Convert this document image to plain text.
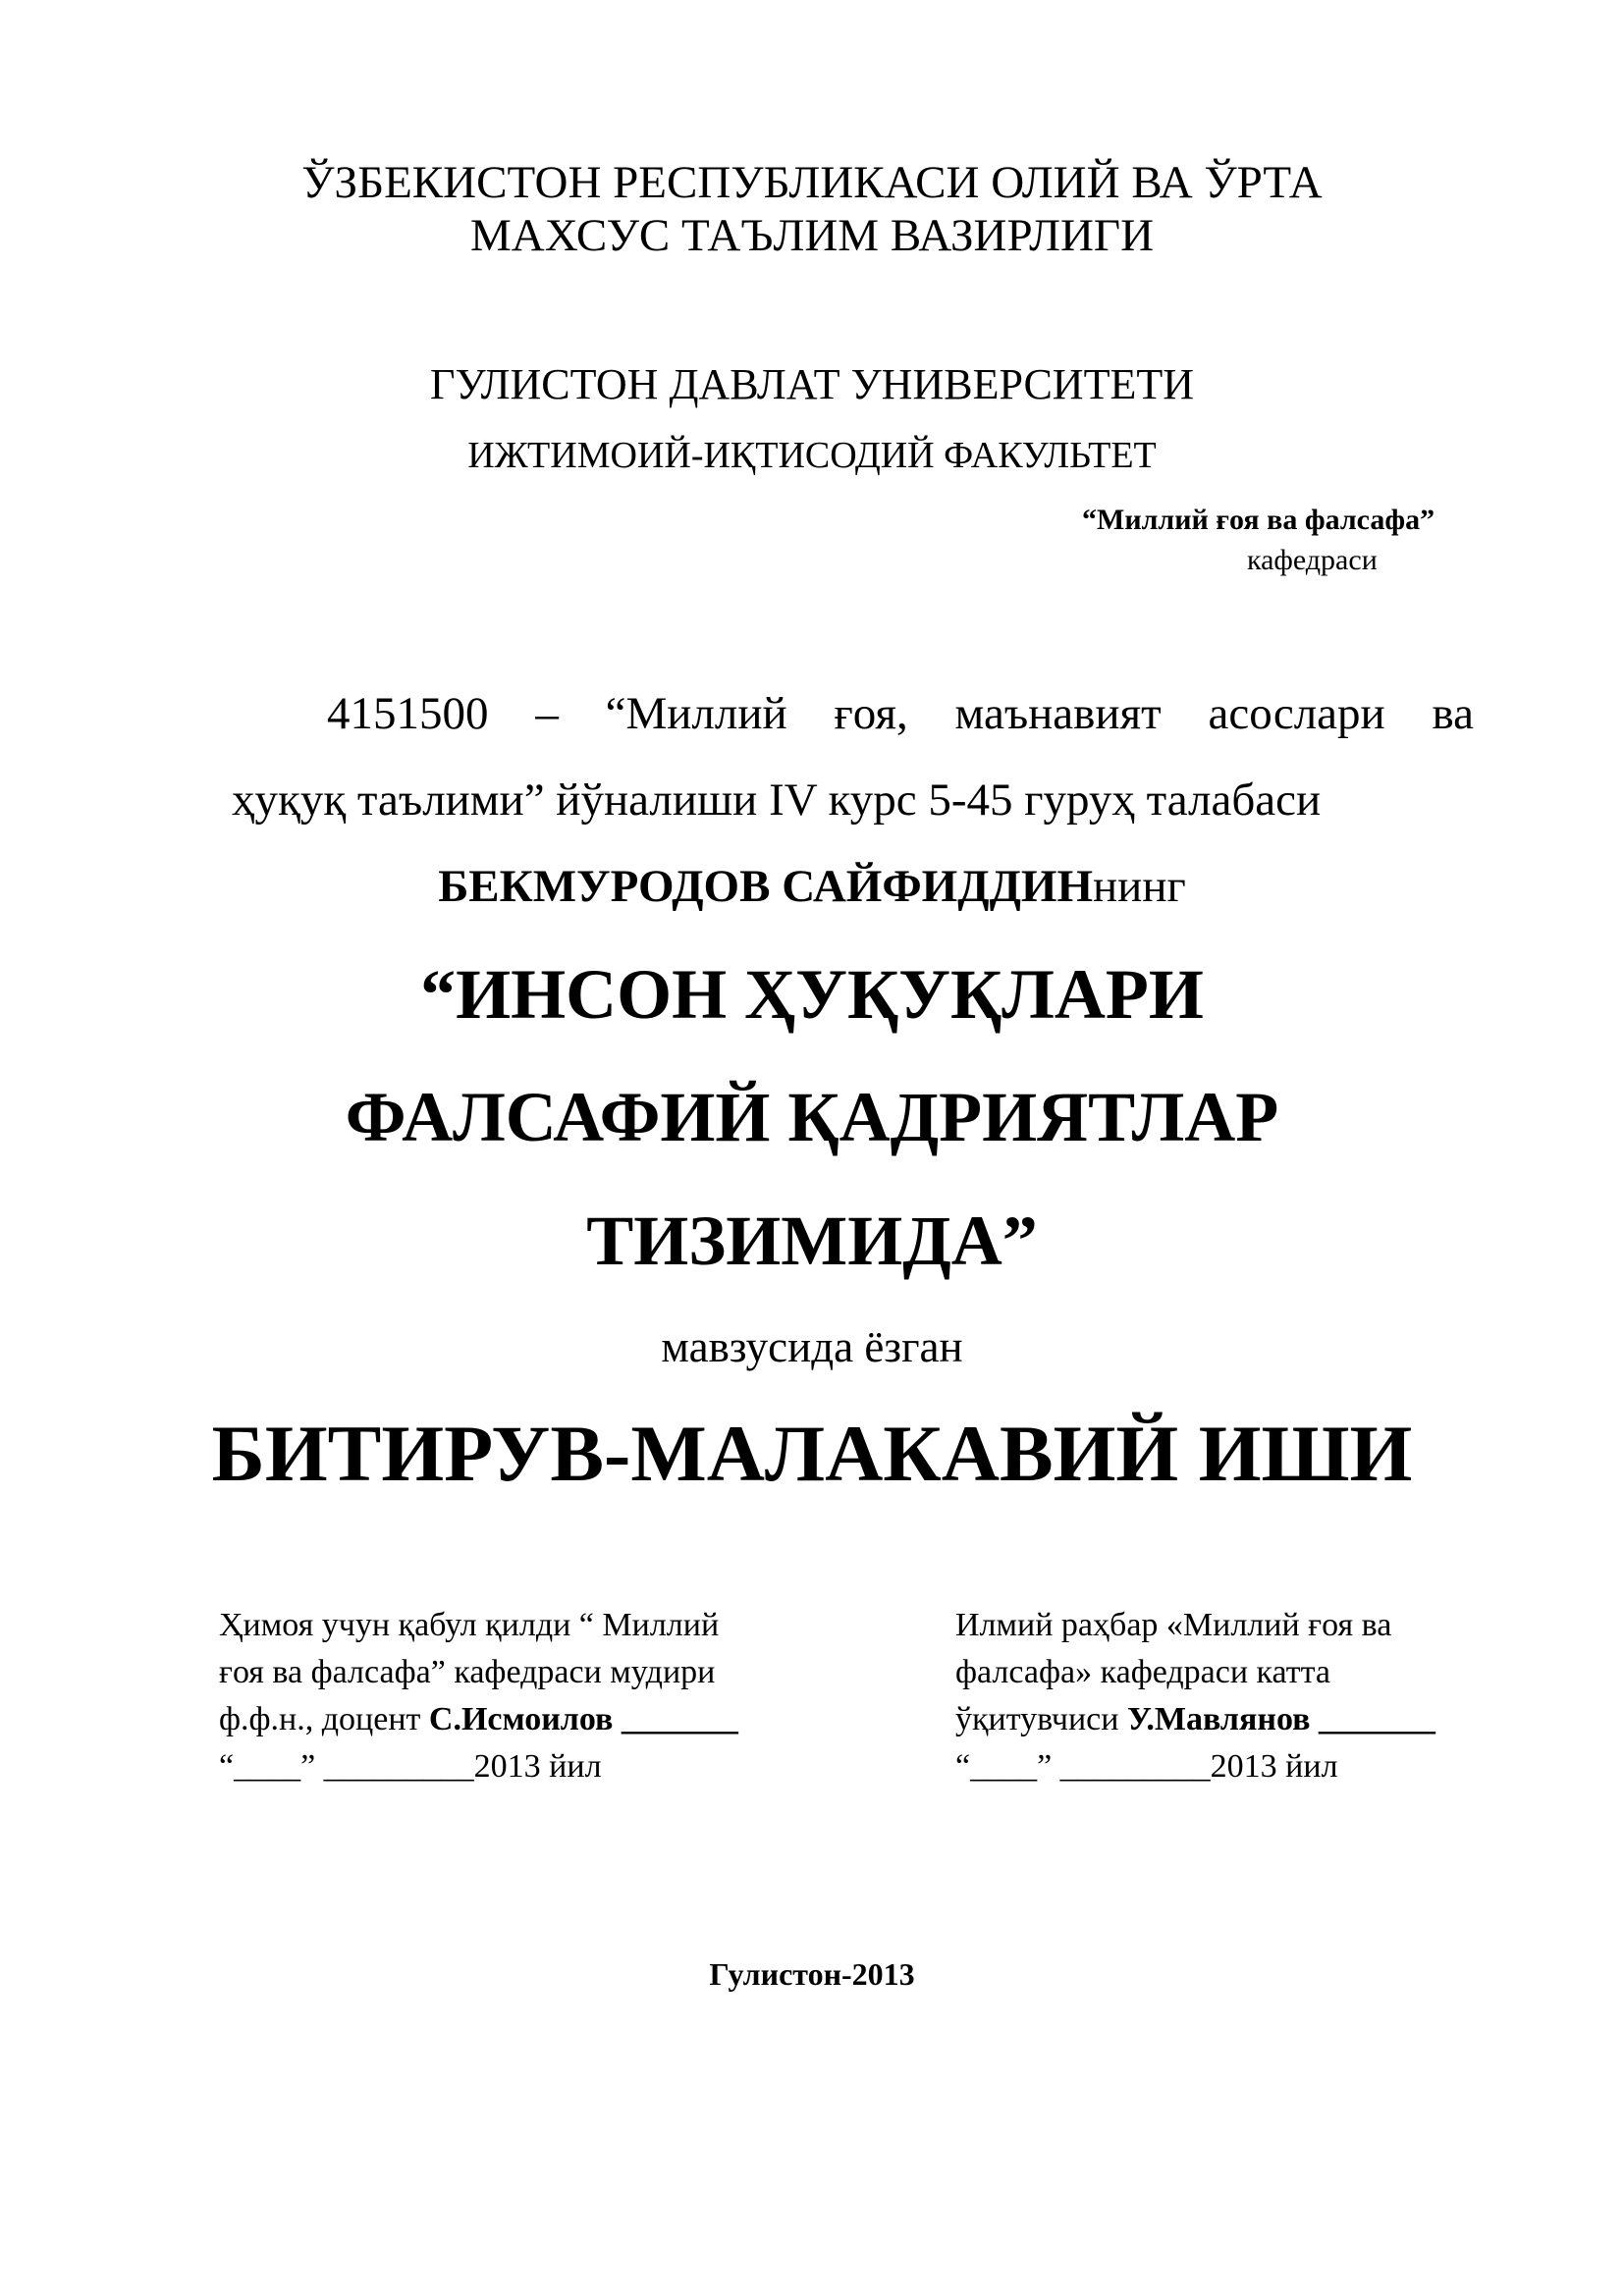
ЎЗБЕКИСТОН РЕСПУБЛИКАСИ ОЛИЙ ВА ЎРТА
МАХСУС ТАЪЛИМ ВАЗИРЛИГИ
ГУЛИСТОН ДАВЛАТ УНИВЕРСИТЕТИ
ИЖТИМОИЙ-ИҚТИСОДИЙ ФАКУЛЬТЕТ
“Миллий ғоя ва фалсафа”
кафедраси
4151500 – “Миллий ғоя, маънавият асослари ва
ҳуқуқ таълими” йўналиши IV курс 5-45 гуруҳ талабаси
БЕКМУРОДОВ САЙФИДДИНнинг
“ИНСОН ҲУҚУҚЛАРИ
ФАЛСАФИЙ ҚАДРИЯТЛАР
ТИЗИМИДА”
мавзусида ёзган
БИТИРУВ-МАЛАКАВИЙ ИШИ
Ҳимоя учун қабул қилди “ Миллий
ғоя ва фалсафа” кафедраси мудири
ф.ф.н., доцент С.Исмоилов _______
“____” _________2013 йил
Илмий раҳбар «Миллий ғоя ва
фалсафа» кафедраси катта
ўқитувчиси У.Мавлянов _______
“____” _________2013 йил
Гулистон-2013
